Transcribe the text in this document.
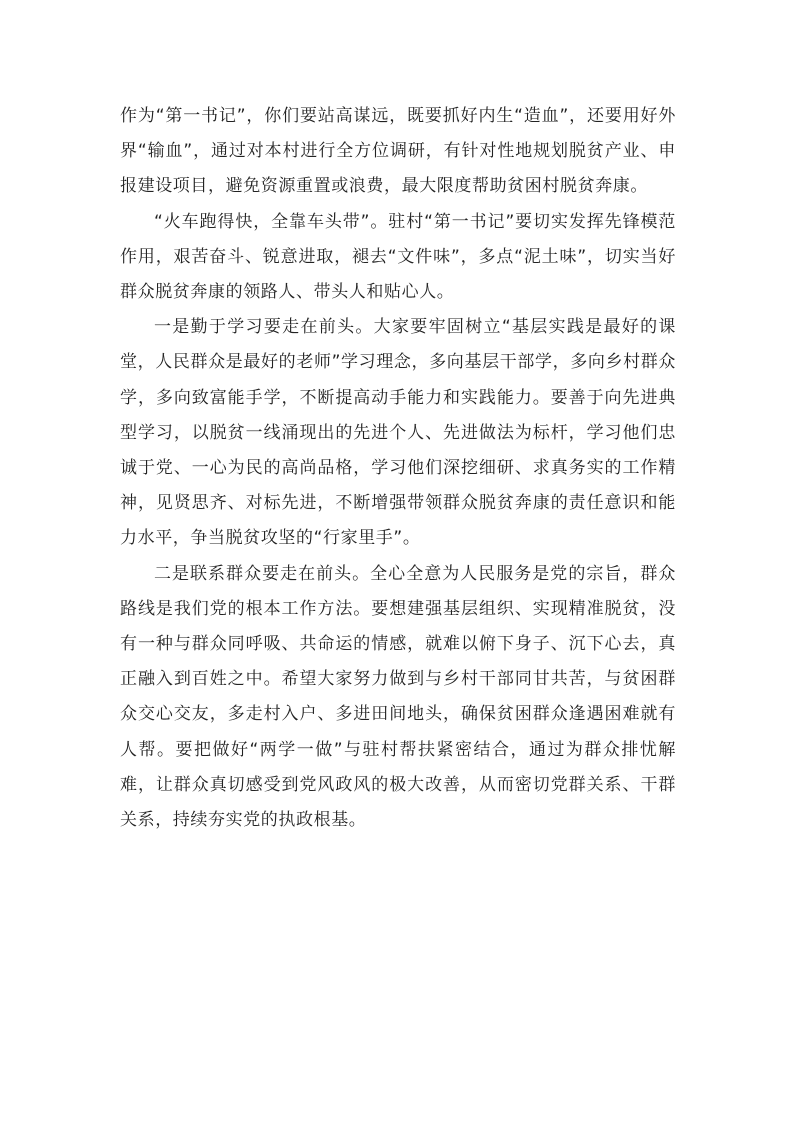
作为“第一书记”，你们要站高谋远，既要抓好内生“造血”，还要用好外界“输血”，通过对本村进行全方位调研，有针对性地规划脱贫产业、申报建设项目，避免资源重置或浪费，最大限度帮助贫困村脱贫奔康。

“火车跑得快，全靠车头带”。驻村“第一书记”要切实发挥先锋模范作用，艰苦奋斗、锐意进取，褪去“文件味”，多点“泥土味”，切实当好群众脱贫奔康的领路人、带头人和贴心人。

一是勤于学习要走在前头。大家要牢固树立“基层实践是最好的课堂，人民群众是最好的老师”学习理念，多向基层干部学，多向乡村群众学，多向致富能手学，不断提高动手能力和实践能力。要善于向先进典型学习，以脱贫一线涌现出的先进个人、先进做法为标杆，学习他们忠诚于党、一心为民的高尚品格，学习他们深挖细研、求真务实的工作精神，见贤思齐、对标先进，不断增强带领群众脱贫奔康的责任意识和能力水平，争当脱贫攻坚的“行家里手”。

二是联系群众要走在前头。全心全意为人民服务是党的宗旨，群众路线是我们党的根本工作方法。要想建强基层组织、实现精准脱贫，没有一种与群众同呼吸、共命运的情感，就难以俯下身子、沉下心去，真正融入到百姓之中。希望大家努力做到与乡村干部同甘共苦，与贫困群众交心交友，多走村入户、多进田间地头，确保贫困群众逢遇困难就有人帮。要把做好“两学一做”与驻村帮扶紧密结合，通过为群众排忧解难，让群众真切感受到党风政风的极大改善，从而密切党群关系、干群关系，持续夯实党的执政根基。
